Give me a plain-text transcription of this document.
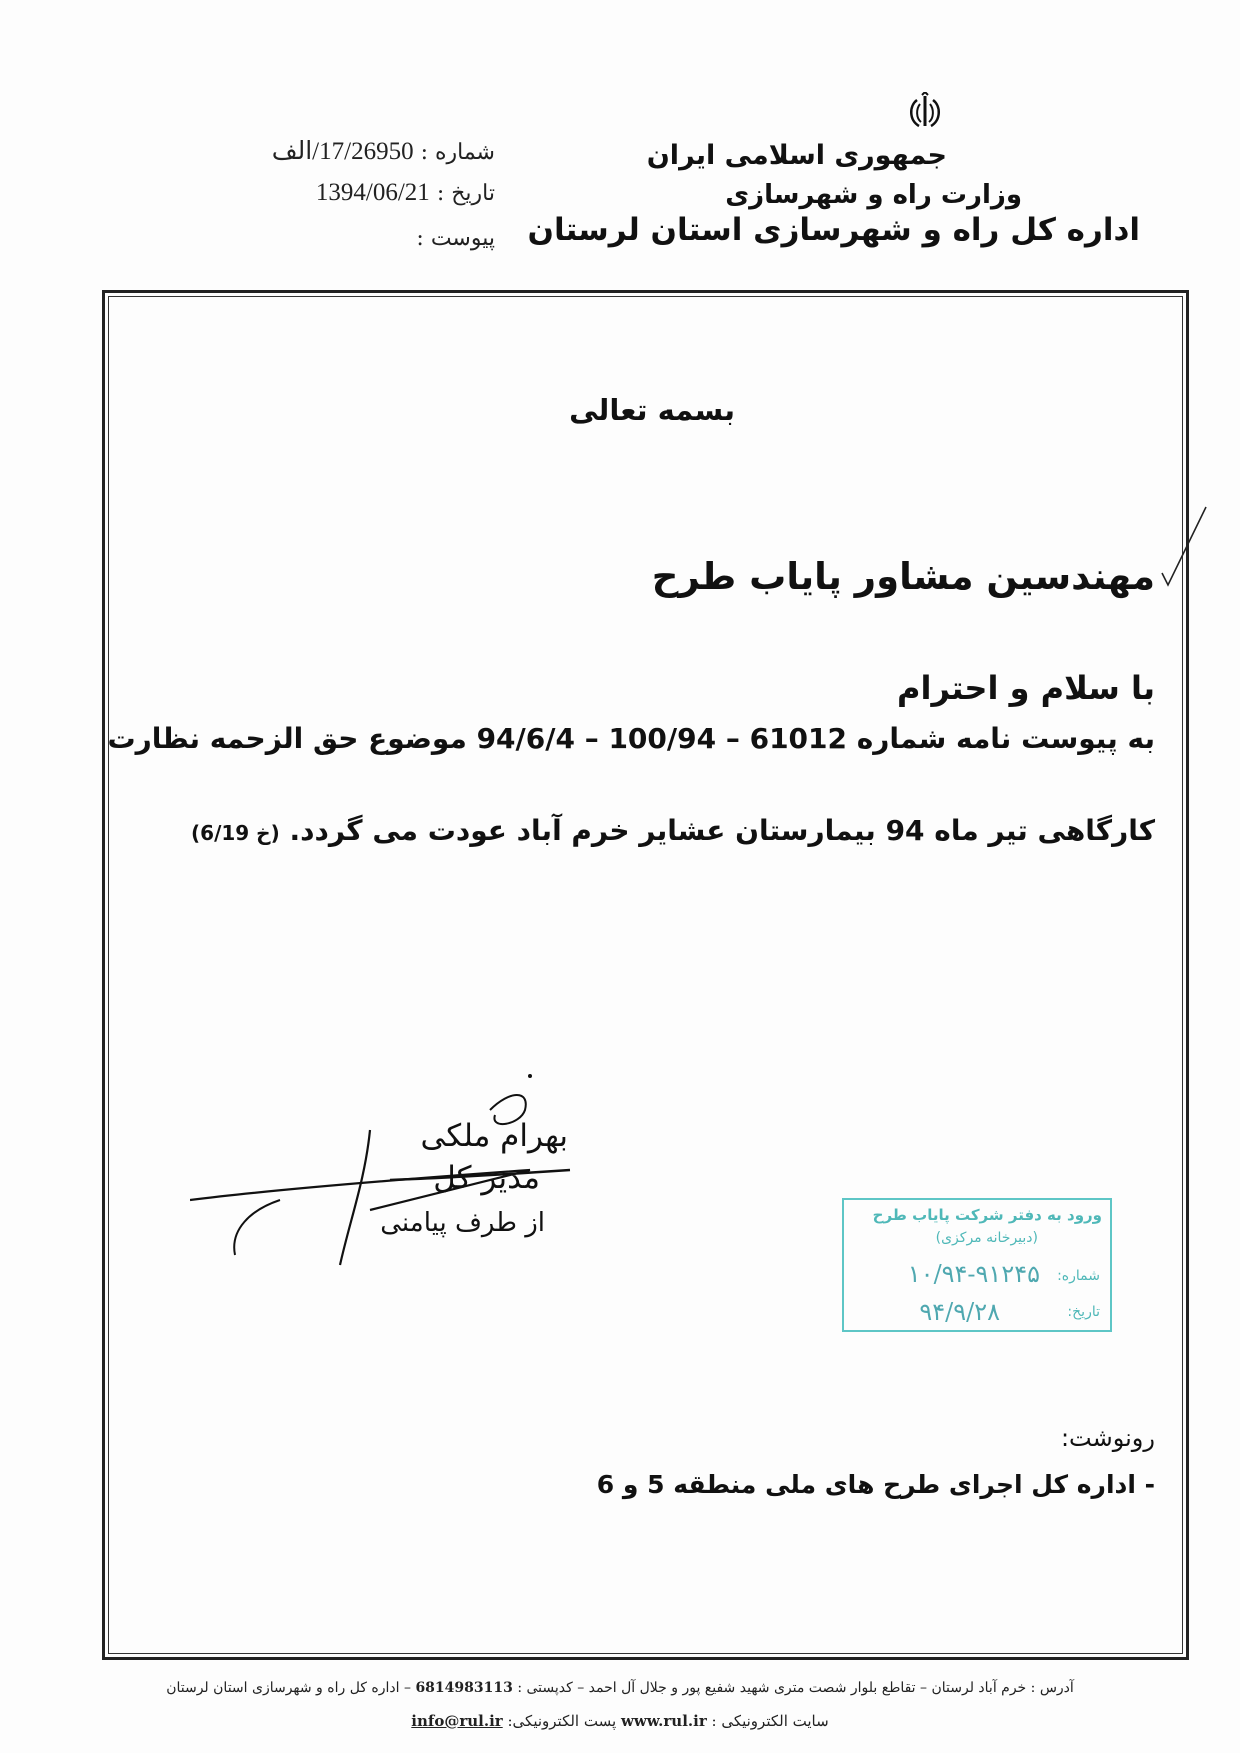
جمهوری اسلامی ایران
وزارت راه و شهرسازی
اداره کل راه و شهرسازی استان لرستان
شماره : 17/26950/الف
تاریخ : 1394/06/21
پیوست :
بسمه تعالی
مهندسین مشاور پایاب طرح
با سلام و احترام
به پیوست نامه شماره 61012 – 100/94 – 94/6/4 موضوع حق الزحمه نظارت
کارگاهی تیر ماه 94 بیمارستان عشایر خرم آباد عودت می گردد. (خ 6/19)
بهرام ملکی
مدیر کل
از طرف پیامنی	ورود به دفتر شرکت پایاب طرح
(دبیرخانه مرکزی)
شماره:
۱۰/۹۴-۹۱۲۴۵
تاریخ:
۹۴/۹/۲۸
رونوشت:
- اداره کل اجرای طرح های ملی منطقه 5 و 6
آدرس : خرم آباد لرستان – تقاطع بلوار شصت متری شهید شفیع پور و جلال آل احمد – کدپستی : 6814983113 – اداره کل راه و شهرسازی استان لرستان
سایت الکترونیکی : www.rul.ir پست الکترونیکی: info@rul.ir
